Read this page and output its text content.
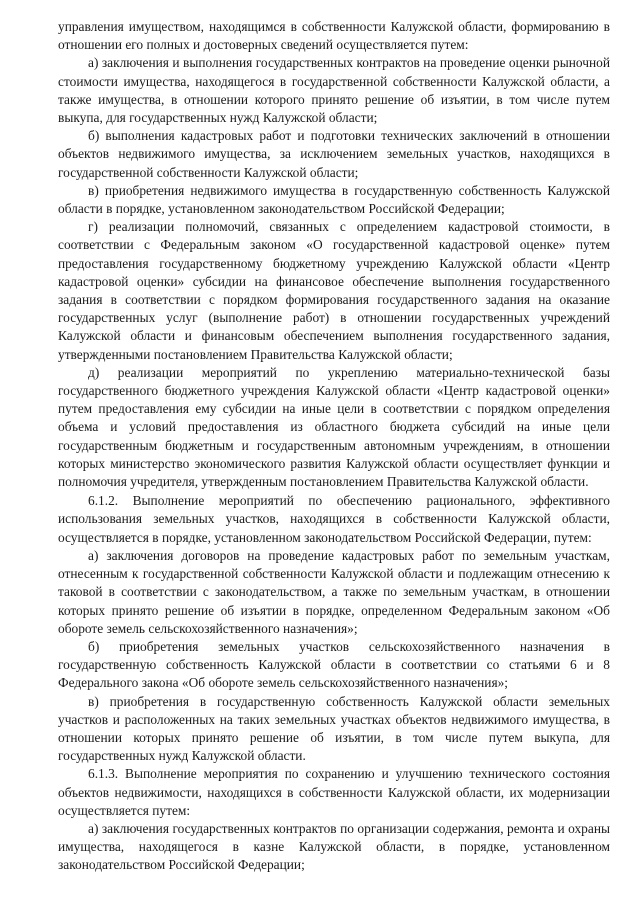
управления имуществом, находящимся в собственности Калужской области, формированию в отношении его полных и достоверных сведений осуществляется путем:

а) заключения и выполнения государственных контрактов на проведение оценки рыночной стоимости имущества, находящегося в государственной собственности Калужской области, а также имущества, в отношении которого принято решение об изъятии, в том числе путем выкупа, для государственных нужд Калужской области;

б) выполнения кадастровых работ и подготовки технических заключений в отношении объектов недвижимого имущества, за исключением земельных участков, находящихся в государственной собственности Калужской области;

в) приобретения недвижимого имущества в государственную собственность Калужской области в порядке, установленном законодательством Российской Федерации;

г) реализации полномочий, связанных с определением кадастровой стоимости, в соответствии с Федеральным законом «О государственной кадастровой оценке» путем предоставления государственному бюджетному учреждению Калужской области «Центр кадастровой оценки» субсидии на финансовое обеспечение выполнения государственного задания в соответствии с порядком формирования государственного задания на оказание государственных услуг (выполнение работ) в отношении государственных учреждений Калужской области и финансовым обеспечением выполнения государственного задания, утвержденными постановлением Правительства Калужской области;

д) реализации мероприятий по укреплению материально-технической базы государственного бюджетного учреждения Калужской области «Центр кадастровой оценки» путем предоставления ему субсидии на иные цели в соответствии с порядком определения объема и условий предоставления из областного бюджета субсидий на иные цели государственным бюджетным и государственным автономным учреждениям, в отношении которых министерство экономического развития Калужской области осуществляет функции и полномочия учредителя, утвержденным постановлением Правительства Калужской области.

6.1.2. Выполнение мероприятий по обеспечению рационального, эффективного использования земельных участков, находящихся в собственности Калужской области, осуществляется в порядке, установленном законодательством Российской Федерации, путем:

а) заключения договоров на проведение кадастровых работ по земельным участкам, отнесенным к государственной собственности Калужской области и подлежащим отнесению к таковой в соответствии с законодательством, а также по земельным участкам, в отношении которых принято решение об изъятии в порядке, определенном Федеральным законом «Об обороте земель сельскохозяйственного назначения»;

б) приобретения земельных участков сельскохозяйственного назначения в государственную собственность Калужской области в соответствии со статьями 6 и 8 Федерального закона «Об обороте земель сельскохозяйственного назначения»;

в) приобретения в государственную собственность Калужской области земельных участков и расположенных на таких земельных участках объектов недвижимого имущества, в отношении которых принято решение об изъятии, в том числе путем выкупа, для государственных нужд Калужской области.

6.1.3. Выполнение мероприятия по сохранению и улучшению технического состояния объектов недвижимости, находящихся в собственности Калужской области, их модернизации осуществляется путем:

а) заключения государственных контрактов по организации содержания, ремонта и охраны имущества, находящегося в казне Калужской области, в порядке, установленном законодательством Российской Федерации;
